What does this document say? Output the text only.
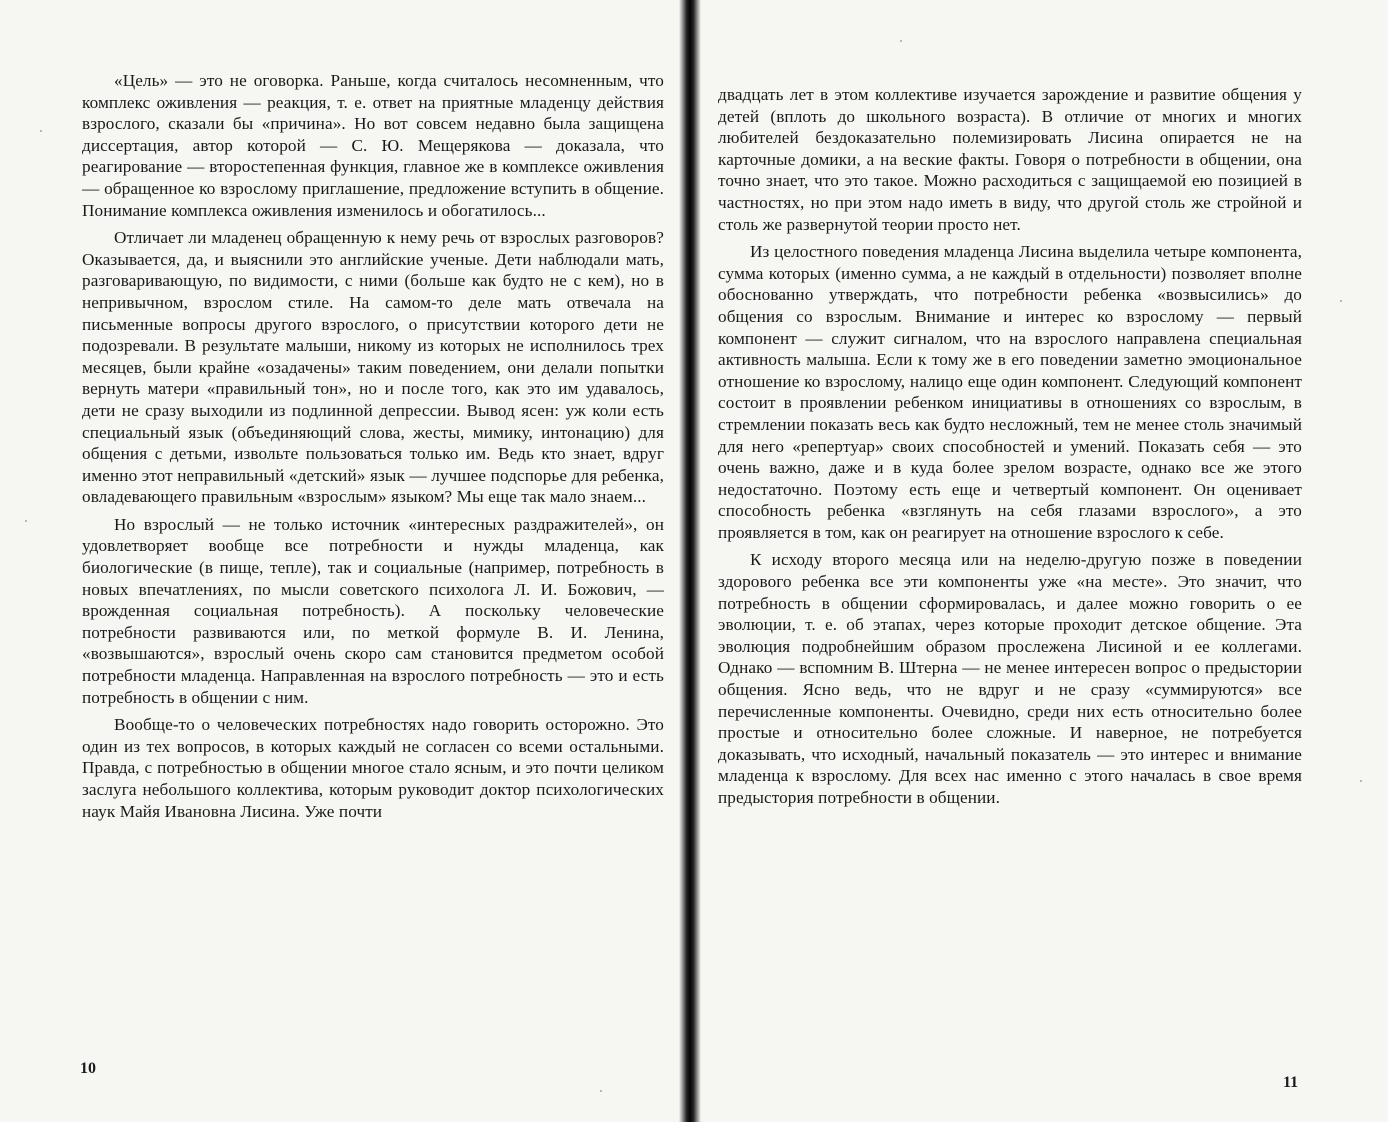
«Цель» — это не оговорка. Раньше, когда считалось несомненным, что комплекс оживления — реакция, т. е. ответ на приятные младенцу действия взрослого, сказали бы «причина». Но вот совсем недавно была защищена диссертация, автор которой — С. Ю. Мещерякова — доказала, что реагирование — второстепенная функция, главное же в комплексе оживления — обращенное ко взрослому приглашение, предложение вступить в общение. Понимание комплекса оживления изменилось и обогатилось...

Отличает ли младенец обращенную к нему речь от взрослых разговоров? Оказывается, да, и выяснили это английские ученые. Дети наблюдали мать, разговаривающую, по видимости, с ними (больше как будто не с кем), но в непривычном, взрослом стиле. На самом-то деле мать отвечала на письменные вопросы другого взрослого, о присутствии которого дети не подозревали. В результате малыши, никому из которых не исполнилось трех месяцев, были крайне «озадачены» таким поведением, они делали попытки вернуть матери «правильный тон», но и после того, как это им удавалось, дети не сразу выходили из подлинной депрессии. Вывод ясен: уж коли есть специальный язык (объединяющий слова, жесты, мимику, интонацию) для общения с детьми, извольте пользоваться только им. Ведь кто знает, вдруг именно этот неправильный «детский» язык — лучшее подспорье для ребенка, овладевающего правильным «взрослым» языком? Мы еще так мало знаем...

Но взрослый — не только источник «интересных раздражителей», он удовлетворяет вообще все потребности и нужды младенца, как биологические (в пище, тепле), так и социальные (например, потребность в новых впечатлениях, по мысли советского психолога Л. И. Божович, — врожденная социальная потребность). А поскольку человеческие потребности развиваются или, по меткой формуле В. И. Ленина, «возвышаются», взрослый очень скоро сам становится предметом особой потребности младенца. Направленная на взрослого потребность — это и есть потребность в общении с ним.

Вообще-то о человеческих потребностях надо говорить осторожно. Это один из тех вопросов, в которых каждый не согласен со всеми остальными. Правда, с потребностью в общении многое стало ясным, и это почти целиком заслуга небольшого коллектива, которым руководит доктор психологических наук Майя Ивановна Лисина. Уже почти

двадцать лет в этом коллективе изучается зарождение и развитие общения у детей (вплоть до школьного возраста). В отличие от многих и многих любителей бездоказательно полемизировать Лисина опирается не на карточные домики, а на веские факты. Говоря о потребности в общении, она точно знает, что это такое. Можно расходиться с защищаемой ею позицией в частностях, но при этом надо иметь в виду, что другой столь же стройной и столь же развернутой теории просто нет.

Из целостного поведения младенца Лисина выделила четыре компонента, сумма которых (именно сумма, а не каждый в отдельности) позволяет вполне обоснованно утверждать, что потребности ребенка «возвысились» до общения со взрослым. Внимание и интерес ко взрослому — первый компонент — служит сигналом, что на взрослого направлена специальная активность малыша. Если к тому же в его поведении заметно эмоциональное отношение ко взрослому, налицо еще один компонент. Следующий компонент состоит в проявлении ребенком инициативы в отношениях со взрослым, в стремлении показать весь как будто несложный, тем не менее столь значимый для него «репертуар» своих способностей и умений. Показать себя — это очень важно, даже и в куда более зрелом возрасте, однако все же этого недостаточно. Поэтому есть еще и четвертый компонент. Он оценивает способность ребенка «взглянуть на себя глазами взрослого», а это проявляется в том, как он реагирует на отношение взрослого к себе.

К исходу второго месяца или на неделю-другую позже в поведении здорового ребенка все эти компоненты уже «на месте». Это значит, что потребность в общении сформировалась, и далее можно говорить о ее эволюции, т. е. об этапах, через которые проходит детское общение. Эта эволюция подробнейшим образом прослежена Лисиной и ее коллегами. Однако — вспомним В. Штерна — не менее интересен вопрос о предыстории общения. Ясно ведь, что не вдруг и не сразу «суммируются» все перечисленные компоненты. Очевидно, среди них есть относительно более простые и относительно более сложные. И наверное, не потребуется доказывать, что исходный, начальный показатель — это интерес и внимание младенца к взрослому. Для всех нас именно с этого началась в свое время предыстория потребности в общении.

10
11
